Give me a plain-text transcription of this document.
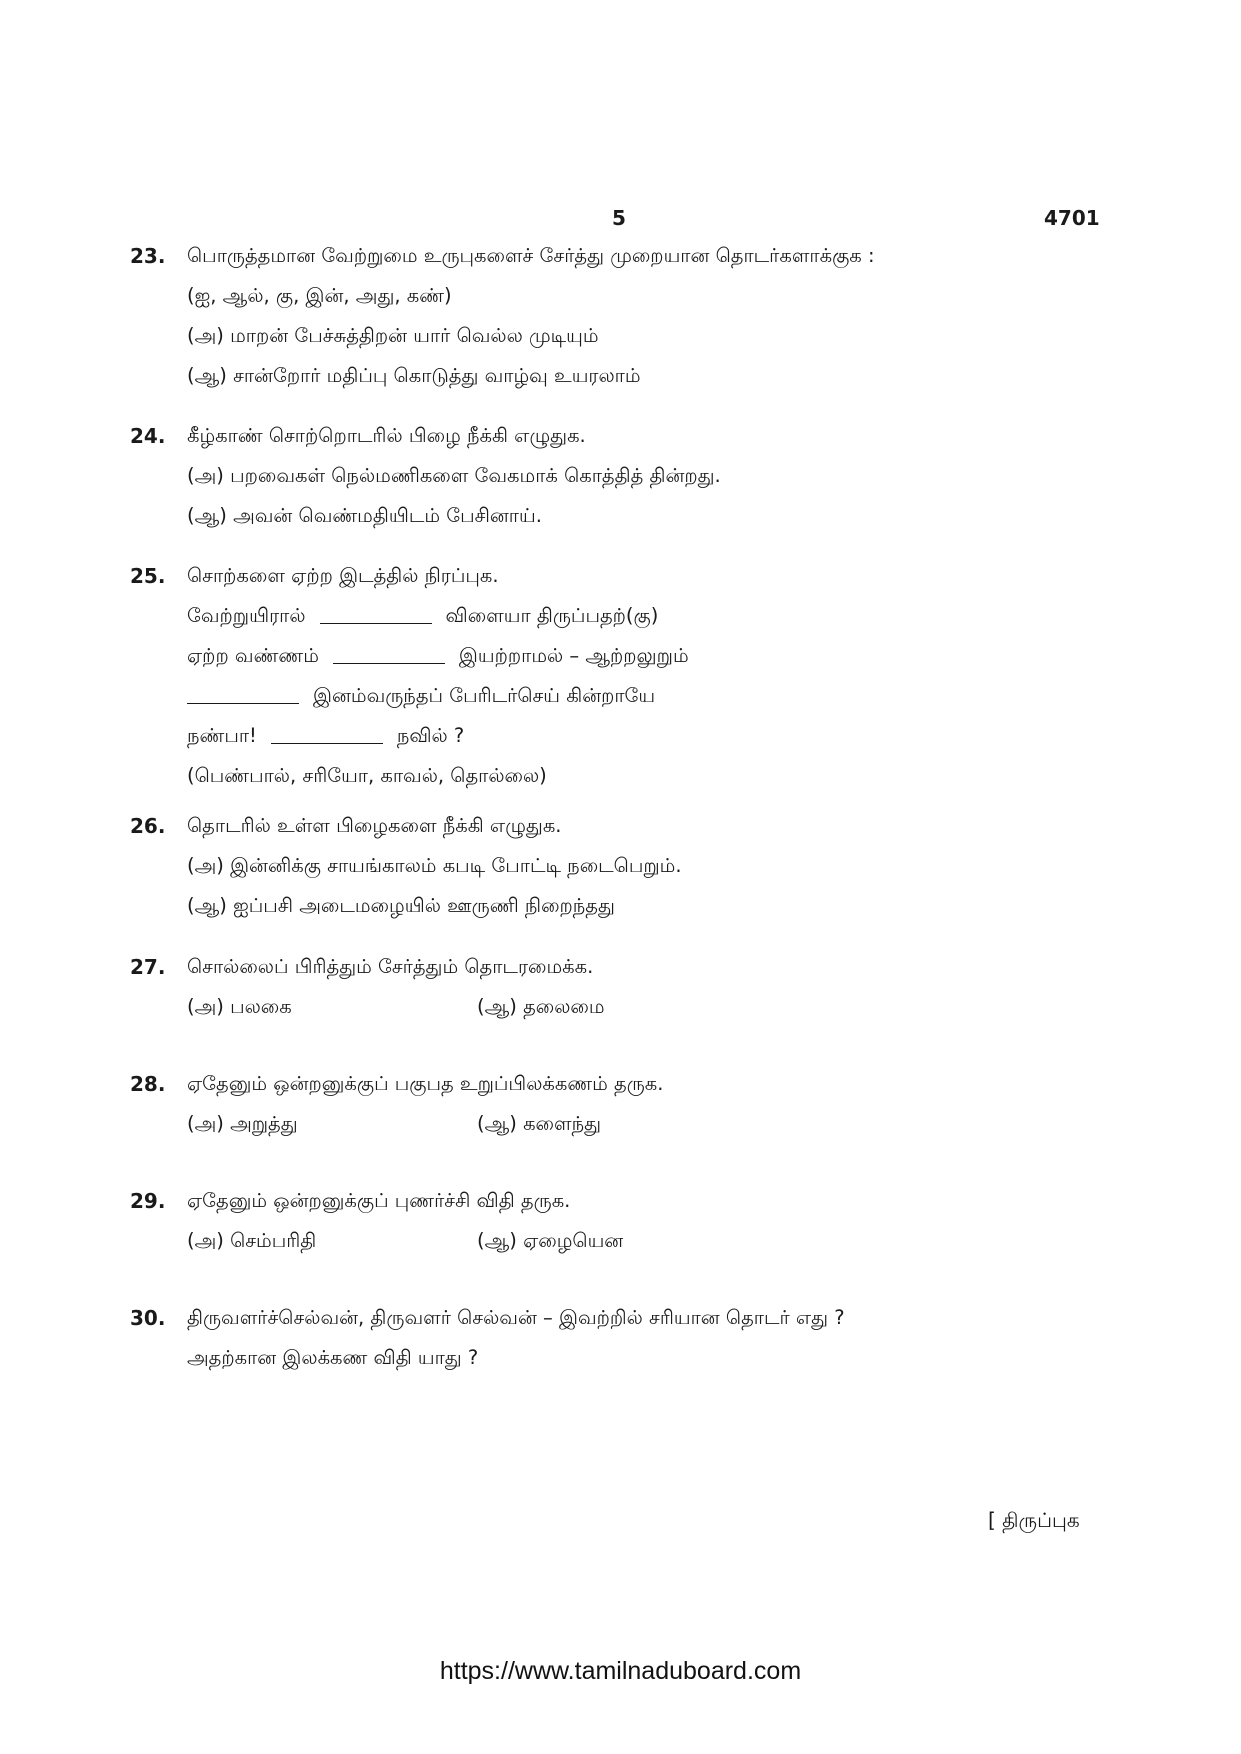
5	4701
23. பொருத்தமான வேற்றுமை உருபுகளைச் சேர்த்து முறையான தொடர்களாக்குக :
(ஐ, ஆல், கு, இன், அது, கண்)
(அ) மாறன் பேச்சுத்திறன் யார் வெல்ல முடியும்
(ஆ) சான்றோர் மதிப்பு கொடுத்து வாழ்வு உயரலாம்
24. கீழ்காண் சொற்றொடரில் பிழை நீக்கி எழுதுக.
(அ) பறவைகள் நெல்மணிகளை வேகமாக் கொத்தித் தின்றது.
(ஆ) அவன் வெண்மதியிடம் பேசினாய்.
25. சொற்களை ஏற்ற இடத்தில் நிரப்புக.
வேற்றுயிரால்	விளையா திருப்பதற்(கு)
ஏற்ற வண்ணம்	இயற்றாமல் – ஆற்றலுறும்
இனம்வருந்தப் பேரிடர்செய் கின்றாயே
நண்பா!	நவில் ?
(பெண்பால், சரியோ, காவல், தொல்லை)
26. தொடரில் உள்ள பிழைகளை நீக்கி எழுதுக.
(அ) இன்னிக்கு சாயங்காலம் கபடி போட்டி நடைபெறும்.
(ஆ) ஐப்பசி அடைமழையில் ஊருணி நிறைந்தது
27. சொல்லைப் பிரித்தும் சேர்த்தும் தொடரமைக்க.
(அ) பலகை	(ஆ) தலைமை
28. ஏதேனும் ஒன்றனுக்குப் பகுபத உறுப்பிலக்கணம் தருக.
(அ) அறுத்து	(ஆ) களைந்து
29. ஏதேனும் ஒன்றனுக்குப் புணர்ச்சி விதி தருக.
(அ) செம்பரிதி	(ஆ) ஏழையென
30. திருவளர்ச்செல்வன், திருவளர் செல்வன் – இவற்றில் சரியான தொடர் எது ?
அதற்கான இலக்கண விதி யாது ?
[ திருப்புக
https://www.tamilnaduboard.com
